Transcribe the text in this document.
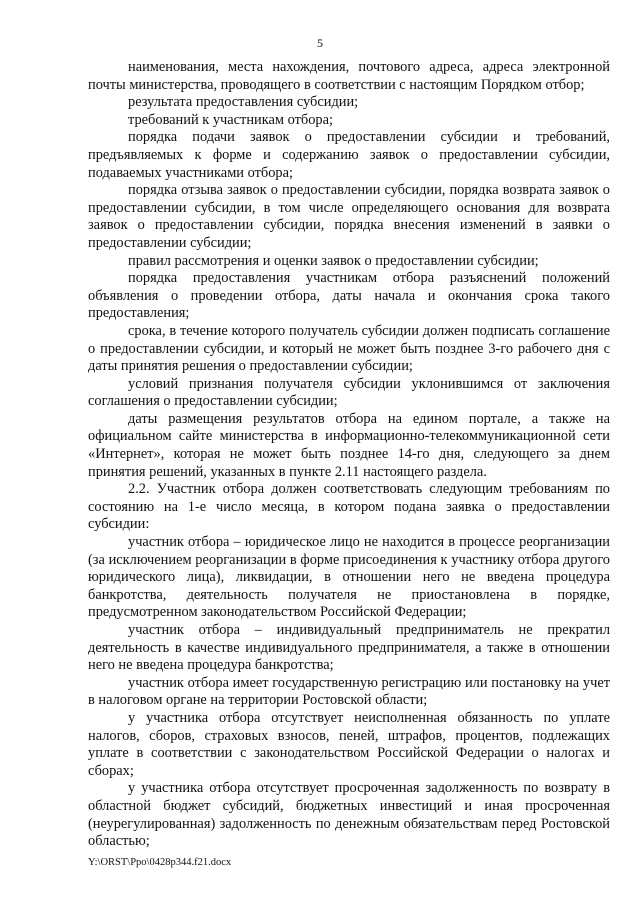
5

наименования, места нахождения, почтового адреса, адреса электронной почты министерства, проводящего в соответствии с настоящим Порядком отбор;

результата предоставления субсидии;

требований к участникам отбора;

порядка подачи заявок о предоставлении субсидии и требований, предъявляемых к форме и содержанию заявок о предоставлении субсидии, подаваемых участниками отбора;

порядка отзыва заявок о предоставлении субсидии, порядка возврата заявок о предоставлении субсидии, в том числе определяющего основания для возврата заявок о предоставлении субсидии, порядка внесения изменений в заявки о предоставлении субсидии;

правил рассмотрения и оценки заявок о предоставлении субсидии;

порядка предоставления участникам отбора разъяснений положений объявления о проведении отбора, даты начала и окончания срока такого предоставления;

срока, в течение которого получатель субсидии должен подписать соглашение о предоставлении субсидии, и который не может быть позднее 3-го рабочего дня с даты принятия решения о предоставлении субсидии;

условий признания получателя субсидии уклонившимся от заключения соглашения о предоставлении субсидии;

даты размещения результатов отбора на едином портале, а также на официальном сайте министерства в информационно-телекоммуникационной сети «Интернет», которая не может быть позднее 14-го дня, следующего за днем принятия решений, указанных в пункте 2.11 настоящего раздела.

2.2. Участник отбора должен соответствовать следующим требованиям по состоянию на 1-е число месяца, в котором подана заявка о предоставлении субсидии:

участник отбора – юридическое лицо не находится в процессе реорганизации (за исключением реорганизации в форме присоединения к участнику отбора другого юридического лица), ликвидации, в отношении него не введена процедура банкротства, деятельность получателя не приостановлена в порядке, предусмотренном законодательством Российской Федерации;

участник отбора – индивидуальный предприниматель не прекратил деятельность в качестве индивидуального предпринимателя, а также в отношении него не введена процедура банкротства;

участник отбора имеет государственную регистрацию или постановку на учет в налоговом органе на территории Ростовской области;

у участника отбора отсутствует неисполненная обязанность по уплате налогов, сборов, страховых взносов, пеней, штрафов, процентов, подлежащих уплате в соответствии с законодательством Российской Федерации о налогах и сборах;

у участника отбора отсутствует просроченная задолженность по возврату в областной бюджет субсидий, бюджетных инвестиций и иная просроченная (неурегулированная) задолженность по денежным обязательствам перед Ростовской областью;

Y:\ORST\Ppo\0428p344.f21.docx
